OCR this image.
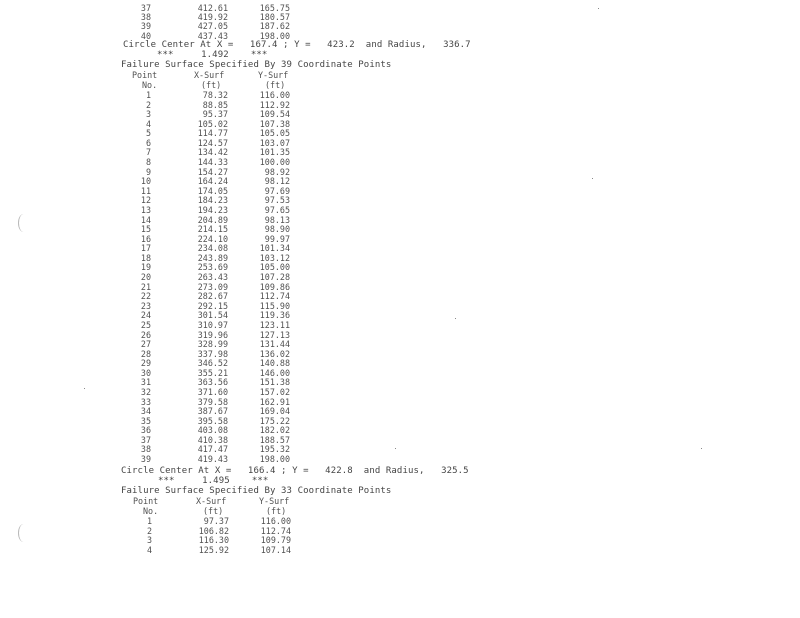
37	412.61	165.75
38	419.92	180.57
39	427.05	187.62
40	437.43	198.00
Circle Center At X =   167.4 ; Y =   423.2  and Radius,   336.7
***     1.492    ***
Failure Surface Specified By 39 Coordinate Points
Point	X-Surf	Y-Surf
No.	(ft)	(ft)
1	78.32	116.00
2	88.85	112.92
3	95.37	109.54
4	105.02	107.38
5	114.77	105.05
6	124.57	103.07
7	134.42	101.35
8	144.33	100.00
9	154.27	98.92
10	164.24	98.12
11	174.05	97.69
12	184.23	97.53
13	194.23	97.65
14	204.89	98.13
15	214.15	98.90
16	224.10	99.97
17	234.08	101.34
18	243.89	103.12
19	253.69	105.00
20	263.43	107.28
21	273.09	109.86
22	282.67	112.74
23	292.15	115.90
24	301.54	119.36
25	310.97	123.11
26	319.96	127.13
27	328.99	131.44
28	337.98	136.02
29	346.52	140.88
30	355.21	146.00
31	363.56	151.38
32	371.60	157.02
33	379.58	162.91
34	387.67	169.04
35	395.58	175.22
36	403.08	182.02
37	410.38	188.57
38	417.47	195.32
39	419.43	198.00
Circle Center At X =   166.4 ; Y =   422.8  and Radius,   325.5
***     1.495    ***
Failure Surface Specified By 33 Coordinate Points
Point	X-Surf	Y-Surf
No.	(ft)	(ft)
1	97.37	116.00
2	106.82	112.74
3	116.30	109.79
4	125.92	107.14
